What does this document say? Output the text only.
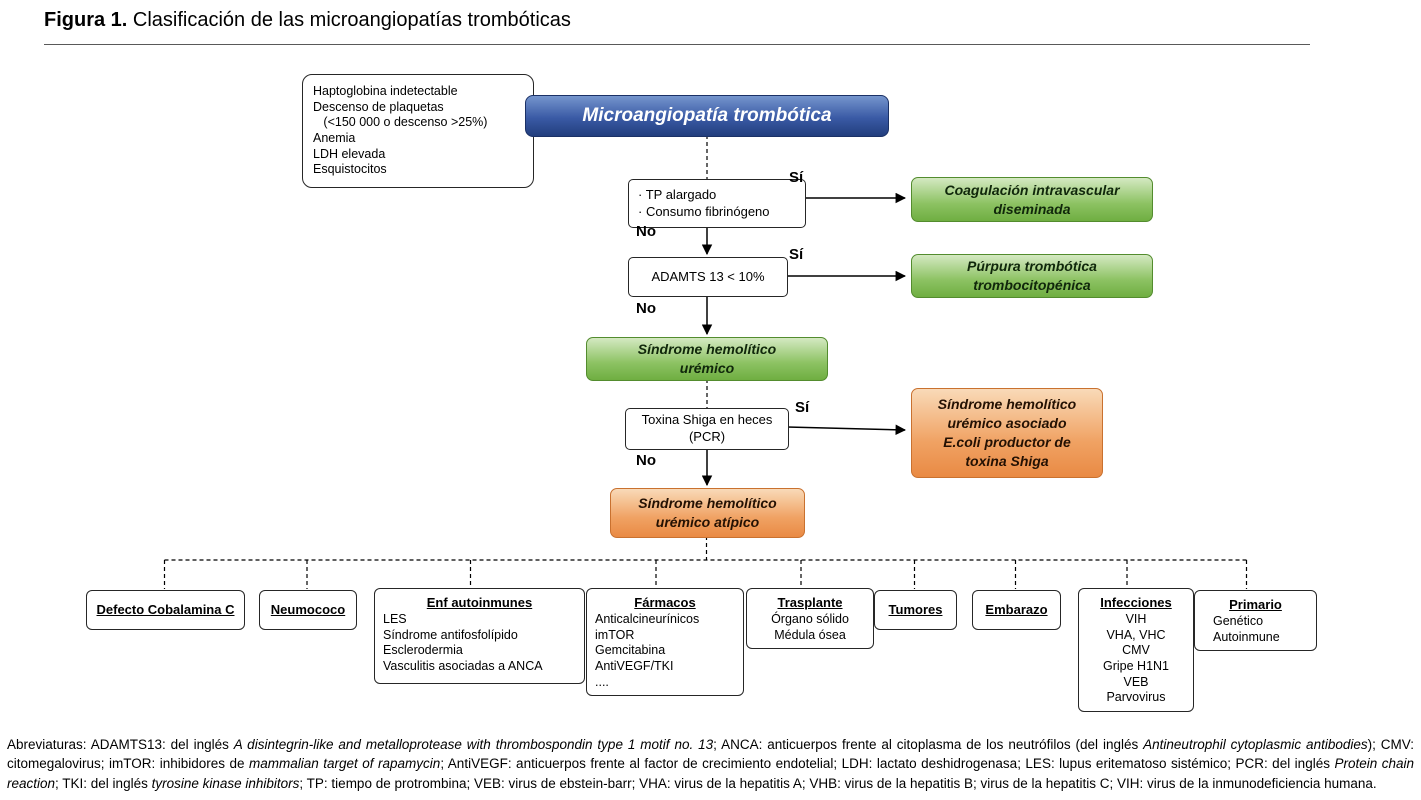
Figura 1. Clasificación de las microangiopatías trombóticas
Haptoglobina indetectable
Descenso de plaquetas
(<150 000 o descenso >25%)
Anemia
LDH elevada
Esquistocitos
Microangiopatía trombótica
· TP alargado
· Consumo fibrinógeno
Coagulación intravascular
diseminada
Sí
No
ADAMTS 13 < 10%
Púrpura trombótica
trombocitopénica
Sí
No
Síndrome hemolítico
urémico
Toxina Shiga en heces
(PCR)
Síndrome hemolítico
urémico asociado
E.coli productor de
toxina Shiga
Sí
No
Síndrome hemolítico
urémico atípico
Defecto Cobalamina C	Neumococo	Enf autoinmunes
LES
Síndrome antifosfolípido
Esclerodermia
Vasculitis asociadas a ANCA
Fármacos
Anticalcineurínicos
imTOR
Gemcitabina
AntiVEGF/TKI
....
Trasplante
Órgano sólido
Médula ósea
Tumores	Embarazo	Infecciones
VIH
VHA, VHC
CMV
Gripe H1N1
VEB
Parvovirus
Primario
Genético
Autoinmune
Abreviaturas: ADAMTS13: del inglés A disintegrin-like and metalloprotease with thrombospondin type 1 motif no. 13; ANCA: anticuerpos frente al citoplasma de los neutrófilos (del inglés Antineutrophil cytoplasmic antibodies); CMV: citomegalovirus; imTOR: inhibidores de mammalian target of rapamycin; AntiVEGF: anticuerpos frente al factor de crecimiento endotelial; LDH: lactato deshidrogenasa; LES: lupus eritematoso sistémico; PCR: del inglés Protein chain reaction; TKI: del inglés tyrosine kinase inhibitors; TP: tiempo de protrombina; VEB: virus de ebstein-barr; VHA: virus de la hepatitis A; VHB: virus de la hepatitis B; virus de la hepatitis C; VIH: virus de la inmunodeficiencia humana.
